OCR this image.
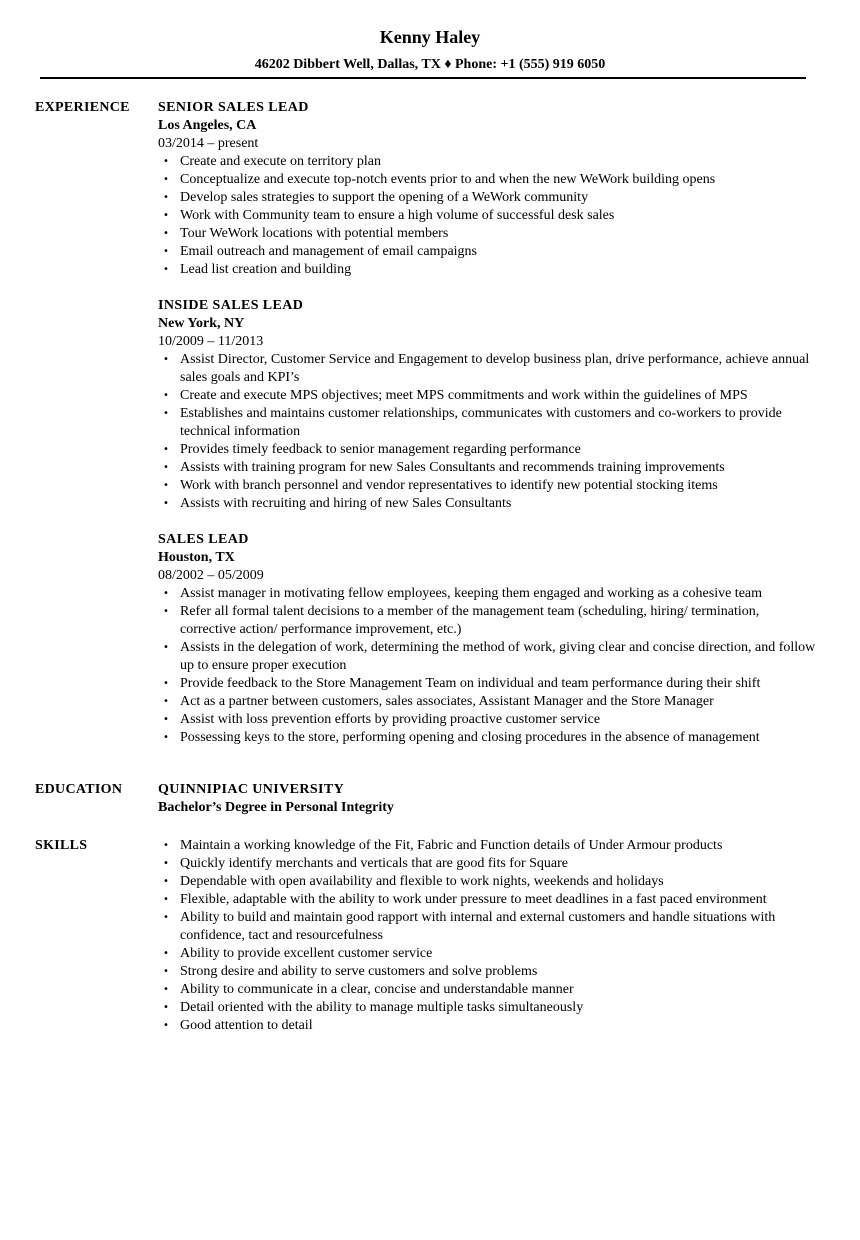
Kenny Haley
46202 Dibbert Well, Dallas, TX ♦ Phone: +1 (555) 919 6050
EXPERIENCE	SENIOR SALES LEAD
Los Angeles, CA
03/2014 – present
• Create and execute on territory plan
• Conceptualize and execute top-notch events prior to and when the new WeWork building opens
• Develop sales strategies to support the opening of a WeWork community
• Work with Community team to ensure a high volume of successful desk sales
• Tour WeWork locations with potential members
• Email outreach and management of email campaigns
• Lead list creation and building
INSIDE SALES LEAD
New York, NY
10/2009 – 11/2013
• Assist Director, Customer Service and Engagement to develop business plan, drive performance, achieve annual sales goals and KPI’s
• Create and execute MPS objectives; meet MPS commitments and work within the guidelines of MPS
• Establishes and maintains customer relationships, communicates with customers and co-workers to provide technical information
• Provides timely feedback to senior management regarding performance
• Assists with training program for new Sales Consultants and recommends training improvements
• Work with branch personnel and vendor representatives to identify new potential stocking items
• Assists with recruiting and hiring of new Sales Consultants
SALES LEAD
Houston, TX
08/2002 – 05/2009
• Assist manager in motivating fellow employees, keeping them engaged and working as a cohesive team
• Refer all formal talent decisions to a member of the management team (scheduling, hiring/ termination, corrective action/ performance improvement, etc.)
• Assists in the delegation of work, determining the method of work, giving clear and concise direction, and follow up to ensure proper execution
• Provide feedback to the Store Management Team on individual and team performance during their shift
• Act as a partner between customers, sales associates, Assistant Manager and the Store Manager
• Assist with loss prevention efforts by providing proactive customer service
• Possessing keys to the store, performing opening and closing procedures in the absence of management
EDUCATION	QUINNIPIAC UNIVERSITY
Bachelor’s Degree in Personal Integrity
SKILLS
•	Maintain a working knowledge of the Fit, Fabric and Function details of Under Armour products
• Quickly identify merchants and verticals that are good fits for Square
• Dependable with open availability and flexible to work nights, weekends and holidays
• Flexible, adaptable with the ability to work under pressure to meet deadlines in a fast paced environment
• Ability to build and maintain good rapport with internal and external customers and handle situations with confidence, tact and resourcefulness
• Ability to provide excellent customer service
• Strong desire and ability to serve customers and solve problems
• Ability to communicate in a clear, concise and understandable manner
• Detail oriented with the ability to manage multiple tasks simultaneously
• Good attention to detail
